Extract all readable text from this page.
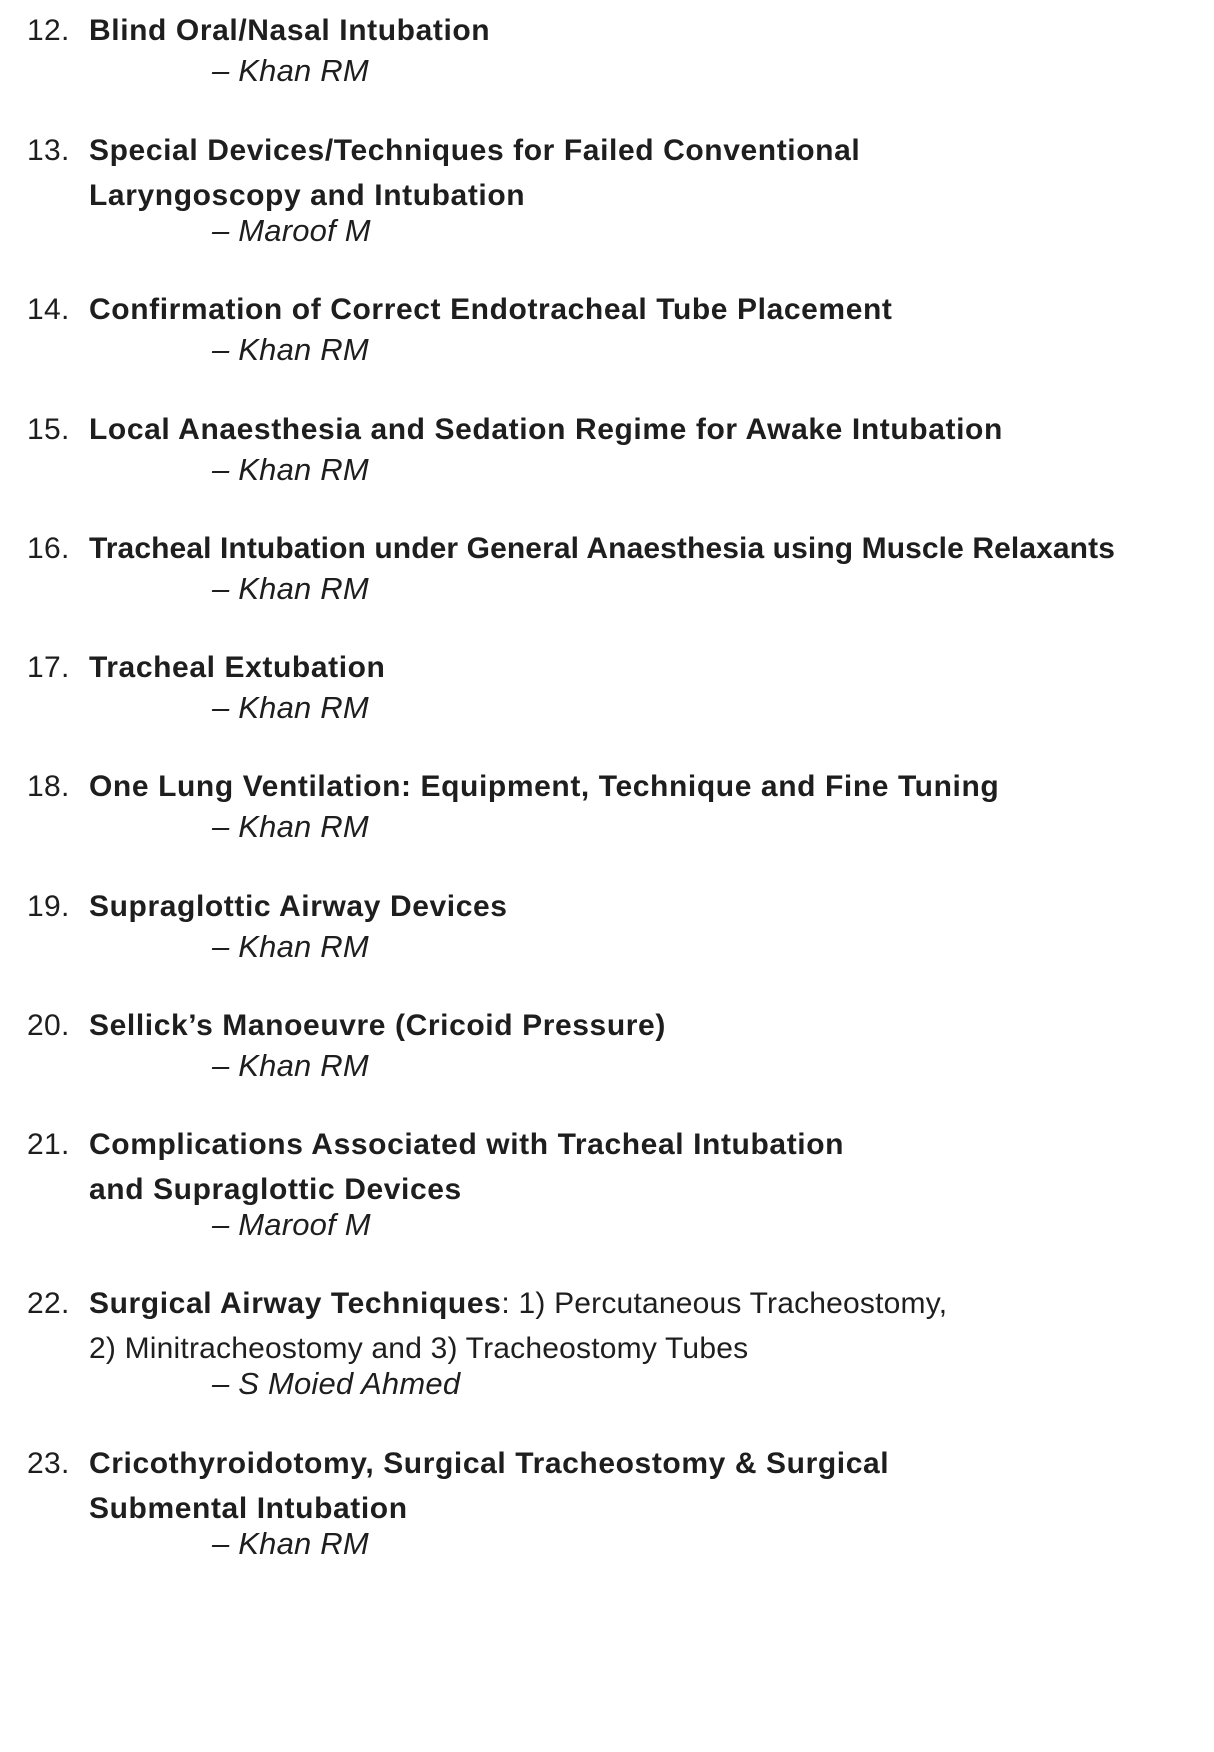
12. Blind Oral/Nasal Intubation
– Khan RM
13. Special Devices/Techniques for Failed Conventional
Laryngoscopy and Intubation
– Maroof M
14. Confirmation of Correct Endotracheal Tube Placement
– Khan RM
15. Local Anaesthesia and Sedation Regime for Awake Intubation
– Khan RM
16. Tracheal Intubation under General Anaesthesia using Muscle Relaxants
– Khan RM
17. Tracheal Extubation
– Khan RM
18. One Lung Ventilation: Equipment, Technique and Fine Tuning
– Khan RM
19. Supraglottic Airway Devices
– Khan RM
20. Sellick’s Manoeuvre (Cricoid Pressure)
– Khan RM
21. Complications Associated with Tracheal Intubation
and Supraglottic Devices
– Maroof M
22. Surgical Airway Techniques: 1) Percutaneous Tracheostomy,
2) Minitracheostomy and 3) Tracheostomy Tubes
– S Moied Ahmed
23. Cricothyroidotomy, Surgical Tracheostomy & Surgical
Submental Intubation
– Khan RM
